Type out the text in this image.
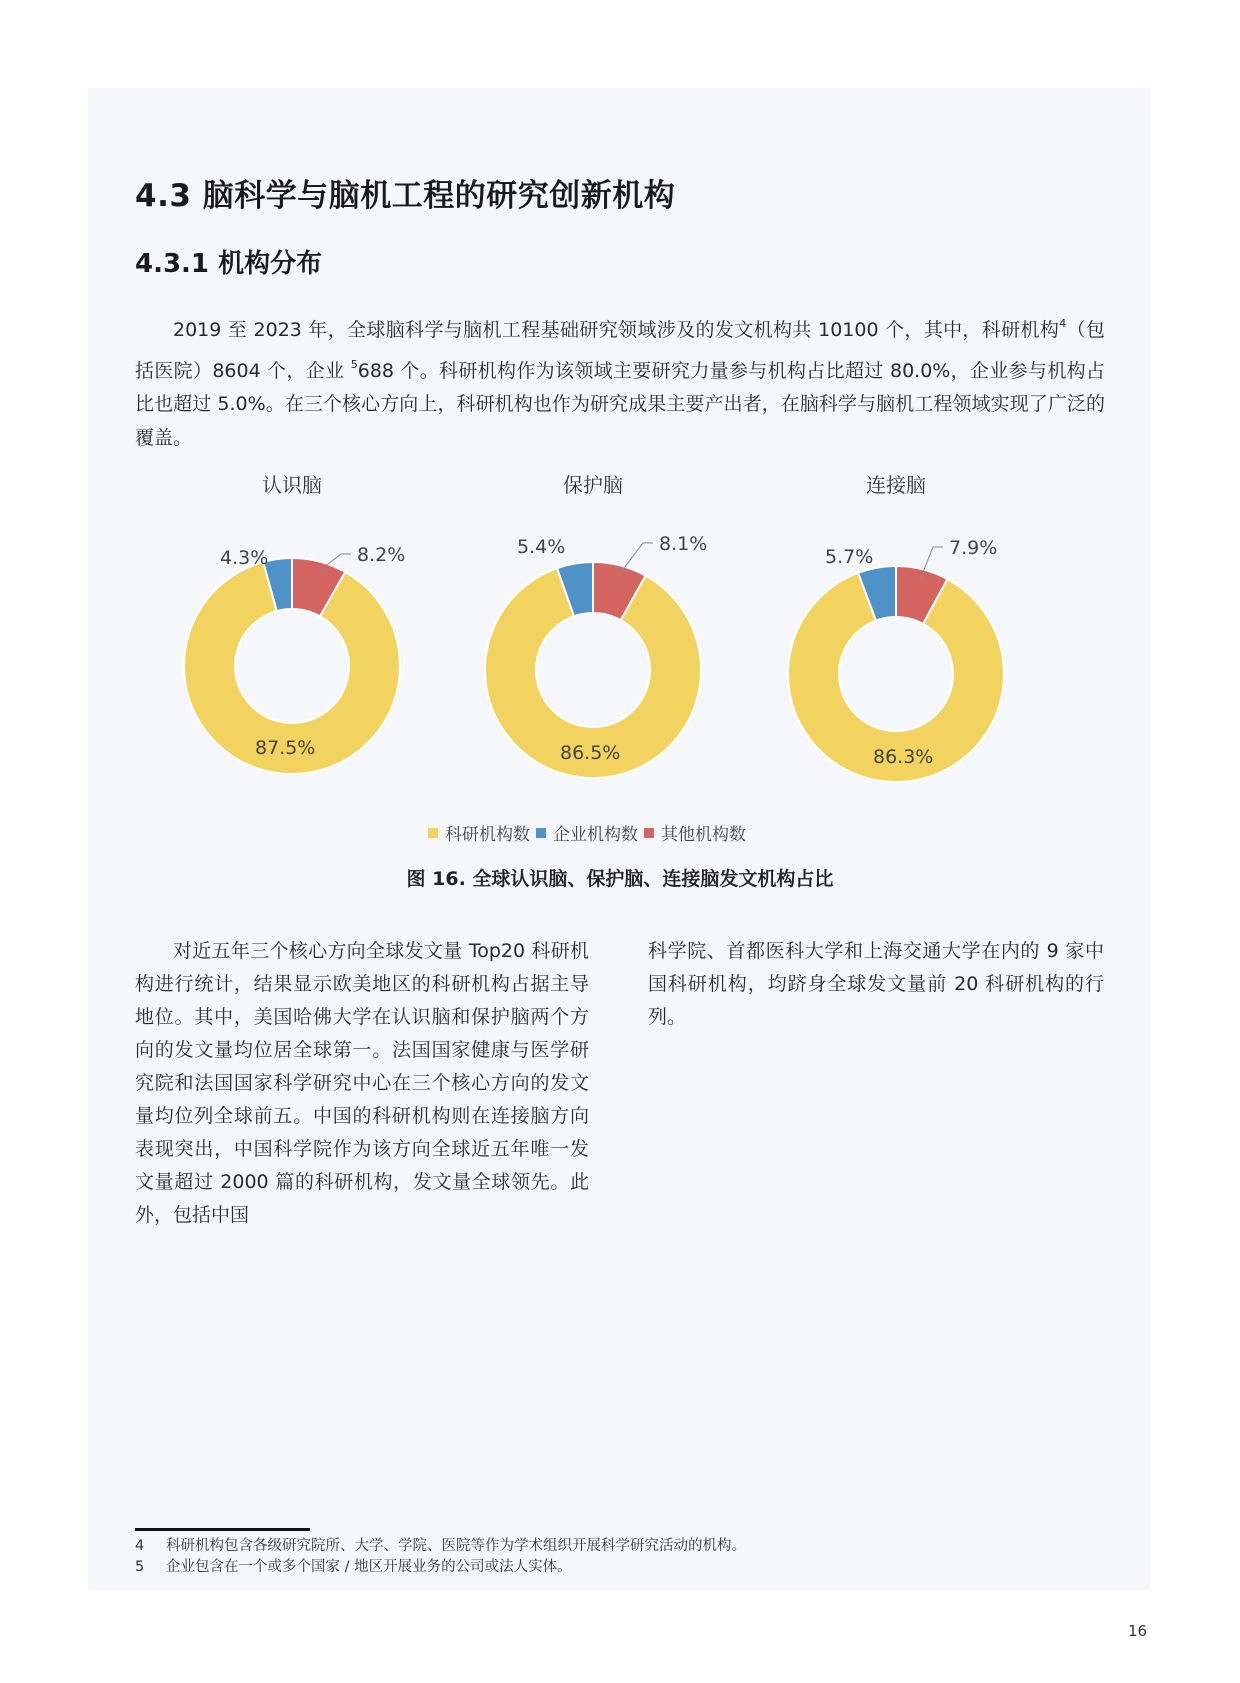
4.3 脑科学与脑机工程的研究创新机构
4.3.1 机构分布

2019 至 2023 年，全球脑科学与脑机工程基础研究领域涉及的发文机构共 10100 个，其中，科研机构$^4$（包括医院）8604 个，企业 $^5$688 个。科研机构作为该领域主要研究力量参与机构占比超过 80.0%，企业参与机构占比也超过 5.0%。在三个核心方向上，科研机构也作为研究成果主要产出者，在脑科学与脑机工程领域实现了广泛的覆盖。

认识脑
87.5%
4.3%	8.2%
保护脑
86.5%
5.4%	8.1%
连接脑
86.3%
5.7%	7.9%
科研机构数 企业机构数 其他机构数

图 16. 全球认识脑、保护脑、连接脑发文机构占比

对近五年三个核心方向全球发文量 Top20 科研机构进行统计，结果显示欧美地区的科研机构占据主导地位。其中，美国哈佛大学在认识脑和保护脑两个方向的发文量均位居全球第一。法国国家健康与医学研究院和法国国家科学研究中心在三个核心方向的发文量均位列全球前五。中国的科研机构则在连接脑方向表现突出，中国科学院作为该方向全球近五年唯一发文量超过 2000 篇的科研机构，发文量全球领先。此外，包括中国

科学院、首都医科大学和上海交通大学在内的 9 家中国科研机构，均跻身全球发文量前 20 科研机构的行列。

4	科研机构包含各级研究院所、大学、学院、医院等作为学术组织开展科学研究活动的机构。
5	企业包含在一个或多个国家 / 地区开展业务的公司或法人实体。
16
